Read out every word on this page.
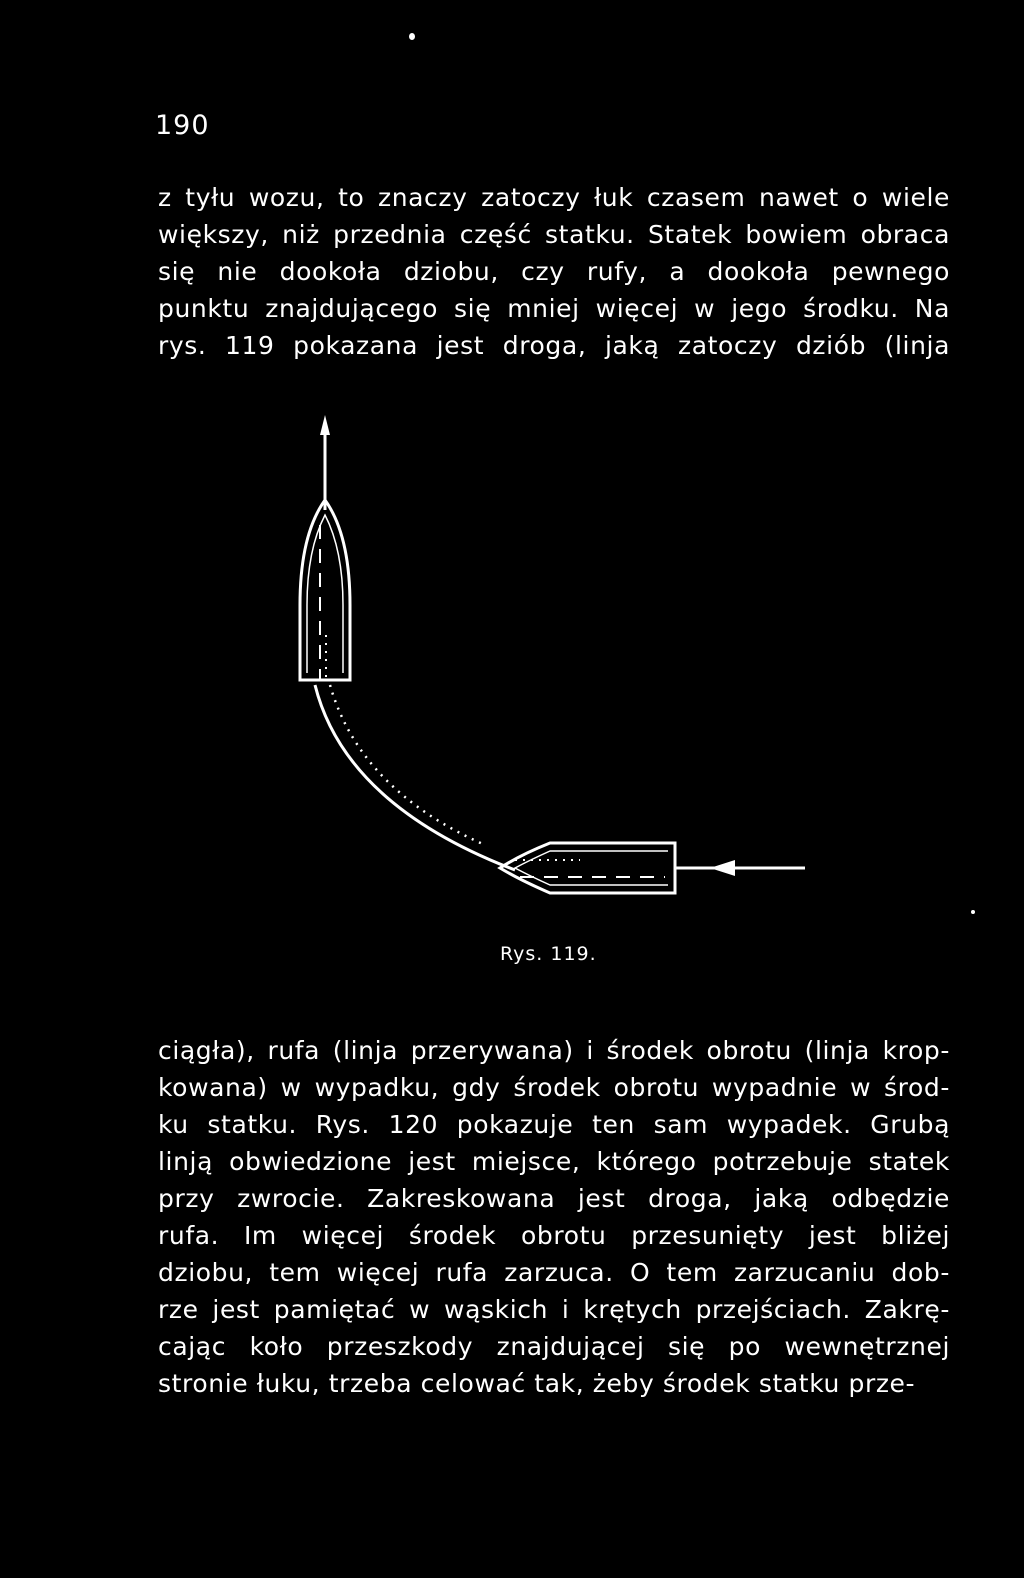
190
z tyłu wozu, to znaczy zatoczy łuk czasem nawet o wiele
większy, niż przednia część statku. Statek bowiem obraca
się nie dookoła dziobu, czy rufy, a dookoła pewnego
punktu znajdującego się mniej więcej w jego środku. Na
rys. 119 pokazana jest droga, jaką zatoczy dziób (linja
Rys. 119.
ciągła), rufa (linja przerywana) i środek obrotu (linja krop-
kowana) w wypadku, gdy środek obrotu wypadnie w środ-
ku statku. Rys. 120 pokazuje ten sam wypadek. Grubą
linją obwiedzione jest miejsce, którego potrzebuje statek
przy zwrocie. Zakreskowana jest droga, jaką odbędzie
rufa. Im więcej środek obrotu przesunięty jest bliżej
dziobu, tem więcej rufa zarzuca. O tem zarzucaniu dob-
rze jest pamiętać w wąskich i krętych przejściach. Zakrę-
cając koło przeszkody znajdującej się po wewnętrznej
stronie łuku, trzeba celować tak, żeby środek statku prze-
